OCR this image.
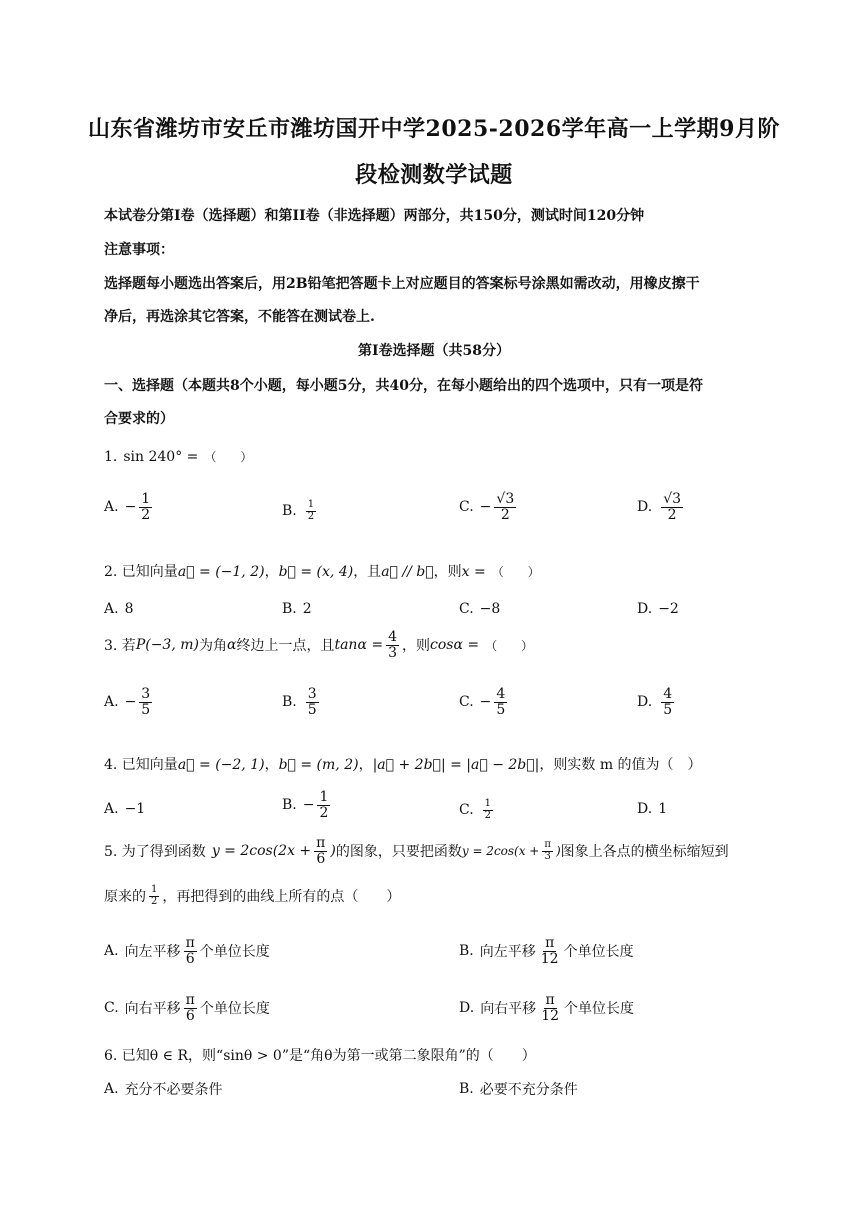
山东省潍坊市安丘市潍坊国开中学2025-2026学年高一上学期9月阶
段检测数学试题
本试卷分第I卷（选择题）和第II卷（非选择题）两部分，共150分，测试时间120分钟
注意事项：
选择题每小题选出答案后，用2B铅笔把答题卡上对应题目的答案标号涂黑如需改动，用橡皮擦干
净后，再选涂其它答案，不能答在测试卷上.
第I卷选择题（共58分）
一、选择题（本题共8个小题，每小题5分，共40分，在每小题给出的四个选项中，只有一项是符
合要求的）
1. sin 240° = （　　）
A. − $\frac{1}{2}$	B. $\frac{1}{2}$	C. − $\frac{√3}{2}$	D. $\frac{√3}{2}$
2. 已知向量a⃗ = (−1, 2)，b⃗ = (x, 4)，且a⃗ // b⃗，则x = （　　）
A. 8	B. 2	C. −8	D. −2
3. 若 P(−3, m) 为角 α 终边上一点，且 $\tan\alpha = \frac{4}{3}$ ，则 cosα = （　　）
A. − $\frac{3}{5}$	B. $\frac{3}{5}$	C. − $\frac{4}{5}$	D. $\frac{4}{5}$
4. 已知向量a⃗ = (−2, 1)，b⃗ = (m, 2)，|a⃗ + 2b⃗| = |a⃗ − 2b⃗|，则实数 m 的值为（　）
A. −1	B. − $\frac{1}{2}$	C. $\frac{1}{2}$	D. 1
5. 为了得到函数 $y = 2\cos(2x + \frac{\pi}{6}$ ) 的图象，只要把函数 $y = 2\cos(x + \frac{\pi}{3}$ ) 图象上各点的横坐标缩短到
原来的 $\frac{1}{2}$ ，再把得到的曲线上所有的点（　　）
A. 向左平移 $\frac{\pi}{6}$ 个单位长度	B. 向左平移 $\frac{\pi}{12}$ 个单位长度
C. 向右平移 $\frac{\pi}{6}$ 个单位长度	D. 向右平移 $\frac{\pi}{12}$ 个单位长度
6. 已知θ ∈ R，则“sinθ > 0”是“角θ为第一或第二象限角”的（　　）
A. 充分不必要条件	B. 必要不充分条件
